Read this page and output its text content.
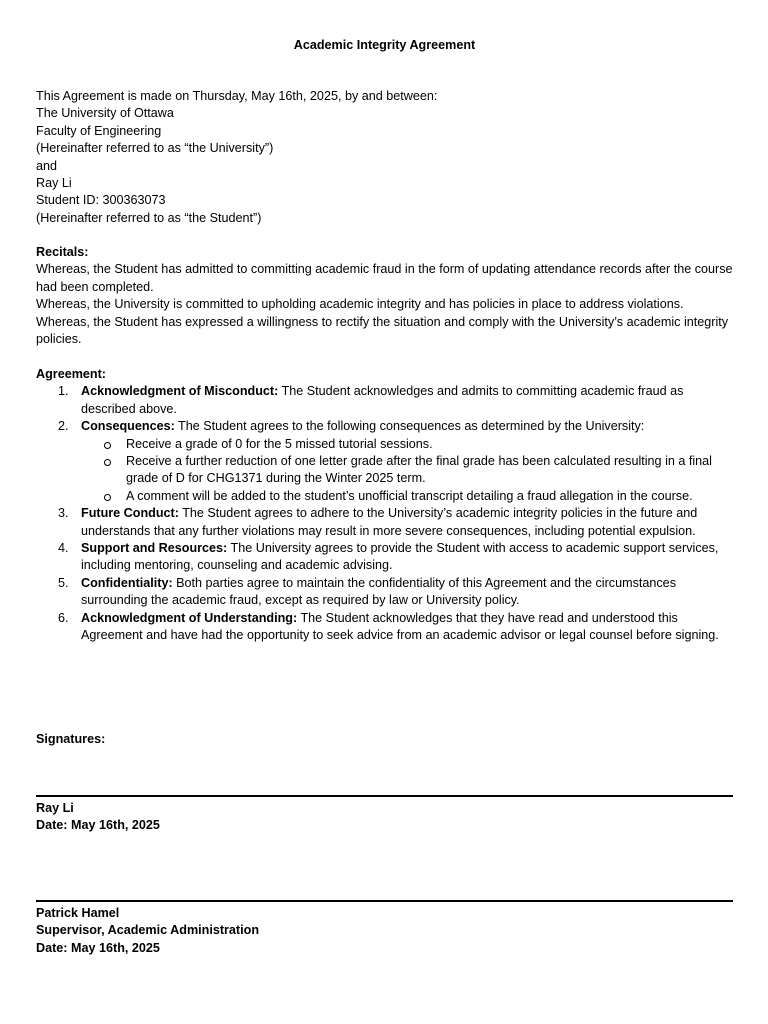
Academic Integrity Agreement
This Agreement is made on Thursday, May 16th, 2025, by and between:
The University of Ottawa
Faculty of Engineering
(Hereinafter referred to as “the University”)
and
Ray Li
Student ID: 300363073
(Hereinafter referred to as “the Student”)
Recitals:
Whereas, the Student has admitted to committing academic fraud in the form of updating attendance records after the course had been completed.
Whereas, the University is committed to upholding academic integrity and has policies in place to address violations.
Whereas, the Student has expressed a willingness to rectify the situation and comply with the University’s academic integrity policies.
Agreement:
1. Acknowledgment of Misconduct: The Student acknowledges and admits to committing academic fraud as described above.
2. Consequences: The Student agrees to the following consequences as determined by the University:
Receive a grade of 0 for the 5 missed tutorial sessions.
Receive a further reduction of one letter grade after the final grade has been calculated resulting in a final grade of D for CHG1371 during the Winter 2025 term.
A comment will be added to the student’s unofficial transcript detailing a fraud allegation in the course.
3. Future Conduct: The Student agrees to adhere to the University’s academic integrity policies in the future and understands that any further violations may result in more severe consequences, including potential expulsion.
4. Support and Resources: The University agrees to provide the Student with access to academic support services, including mentoring, counseling and academic advising.
5. Confidentiality: Both parties agree to maintain the confidentiality of this Agreement and the circumstances surrounding the academic fraud, except as required by law or University policy.
6. Acknowledgment of Understanding: The Student acknowledges that they have read and understood this Agreement and have had the opportunity to seek advice from an academic advisor or legal counsel before signing.
Signatures:
Ray Li
Date: May 16th, 2025
Patrick Hamel
Supervisor, Academic Administration
Date: May 16th, 2025
